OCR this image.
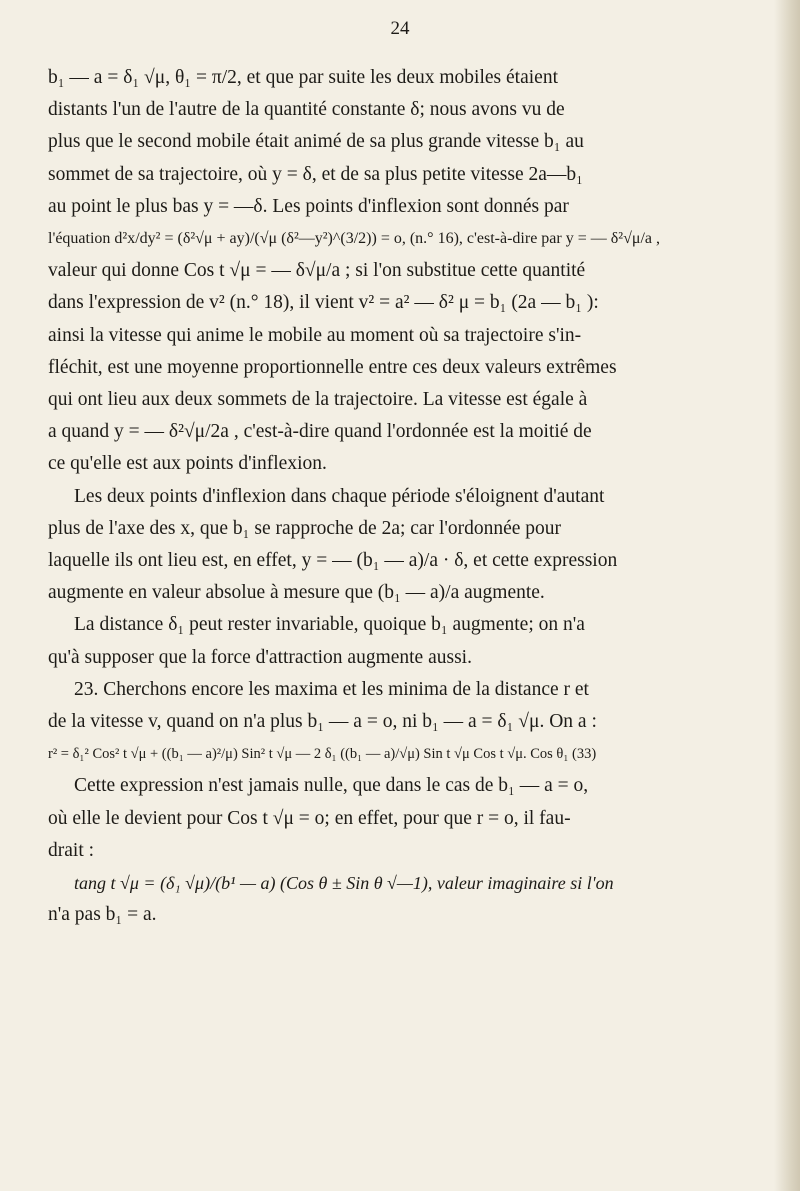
24

b₁ — a = δ₁ √μ, θ₁ = π/2, et que par suite les deux mobiles étaient

distants l'un de l'autre de la quantité constante δ; nous avons vu de

plus que le second mobile était animé de sa plus grande vitesse b₁ au

sommet de sa trajectoire, où y = δ, et de sa plus petite vitesse 2a—b₁

au point le plus bas y = —δ. Les points d'inflexion sont donnés par

l'équation d²x/dy² = (δ²√μ + ay)/(√μ (δ²—y²)^(3/2)) = o, (n.° 16), c'est-à-dire par y = — δ²√μ/a ,

valeur qui donne Cos t √μ = — δ√μ/a ; si l'on substitue cette quantité

dans l'expression de v² (n.° 18), il vient v² = a² — δ² μ = b₁ (2a — b₁ ):

ainsi la vitesse qui anime le mobile au moment où sa trajectoire s'in-

fléchit, est une moyenne proportionnelle entre ces deux valeurs extrêmes

qui ont lieu aux deux sommets de la trajectoire. La vitesse est égale à

a quand y = — δ²√μ/2a , c'est-à-dire quand l'ordonnée est la moitié de

ce qu'elle est aux points d'inflexion.

Les deux points d'inflexion dans chaque période s'éloignent d'autant

plus de l'axe des x, que b₁ se rapproche de 2a; car l'ordonnée pour

laquelle ils ont lieu est, en effet, y = — (b₁ — a)/a · δ, et cette expression

augmente en valeur absolue à mesure que (b₁ — a)/a augmente.

La distance δ₁ peut rester invariable, quoique b₁ augmente; on n'a

qu'à supposer que la force d'attraction augmente aussi.

23. Cherchons encore les maxima et les minima de la distance r et

de la vitesse v, quand on n'a plus b₁ — a = o, ni b₁ — a = δ₁ √μ. On a :

r² = δ₁² Cos² t √μ + ((b₁ — a)²/μ) Sin² t √μ — 2 δ₁ ((b₁ — a)/√μ) Sin t √μ Cos t √μ. Cos θ₁ (33)

Cette expression n'est jamais nulle, que dans le cas de b₁ — a = o,

où elle le devient pour Cos t √μ = o; en effet, pour que r = o, il fau-

drait :

tang t √μ = (δ₁ √μ)/(b¹ — a) (Cos θ ± Sin θ √—1), valeur imaginaire si l'on

n'a pas b₁ = a.
